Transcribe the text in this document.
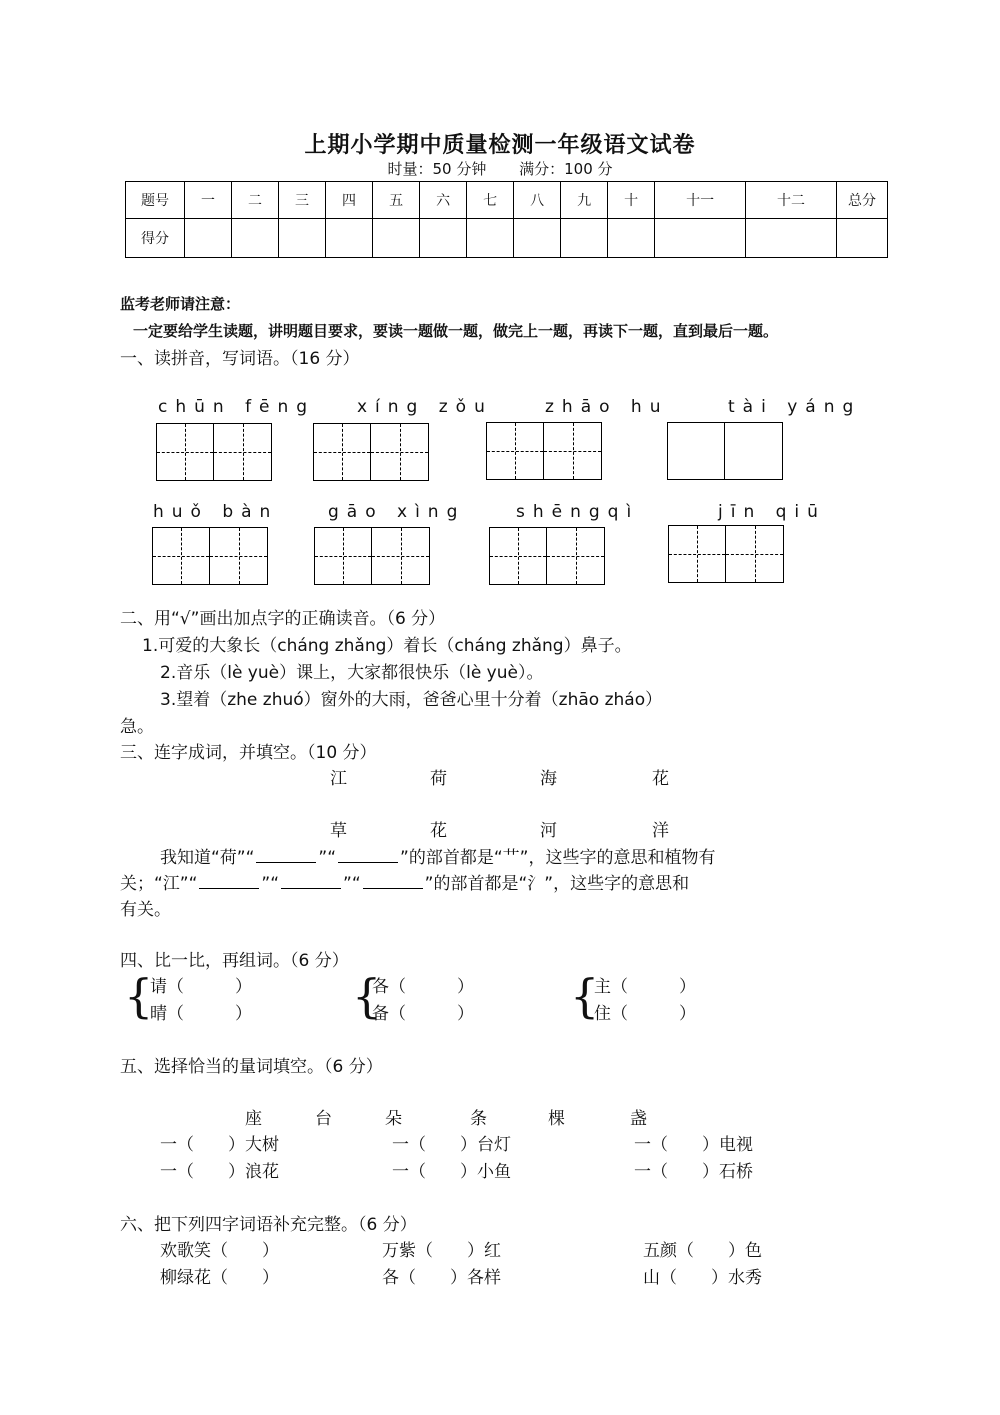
上期小学期中质量检测一年级语文试卷
时量：50 分钟 满分：100 分
题号	一	二	三	四	五	六	七	八	九	十	十一	十二	总分
得分													
监考老师请注意：
一定要给学生读题，讲明题目要求，要读一题做一题，做完上一题，再读下一题，直到最后一题。
一、读拼音，写词语。（16 分）
chūn fēng xíng zǒu	zhāo hu	tài yáng
huǒ bàn	gāo xìng	shēngqì	jīn qiū
二、用“√”画出加点字的正确读音。（6 分）
1.可爱的大象长（cháng zhǎng）着长（cháng zhǎng）鼻子。
2.音乐（lè yuè）课上，大家都很快乐（lè yuè）。
3.望着（zhe zhuó）窗外的大雨，爸爸心里十分着（zhāo zháo）
急。
三、连字成词，并填空。（10 分）
江	荷	海	花
草	花	河	洋
我知道“荷”“	”“	”的部首都是“艹”，这些字的意思和植物有
关；“江”“	”“	”“	”的部首都是“氵”，这些字的意思和
有关。
四、比一比，再组词。（6 分）
{
请（　　　）
晴（　　　） {
各（　　　）
备（　　　） {
主（　　　）
住（　　　）
五、选择恰当的量词填空。（6 分）
座	台	朵	条	棵	盏
一（　　）大树	一（　　）台灯	一（　　）电视
一（　　）浪花	一（　　）小鱼	一（　　）石桥
六、把下列四字词语补充完整。（6 分）
欢歌笑（　　）	万紫（　　）红	五颜（　　）色
柳绿花（　　）	各（　　）各样	山（　　）水秀
